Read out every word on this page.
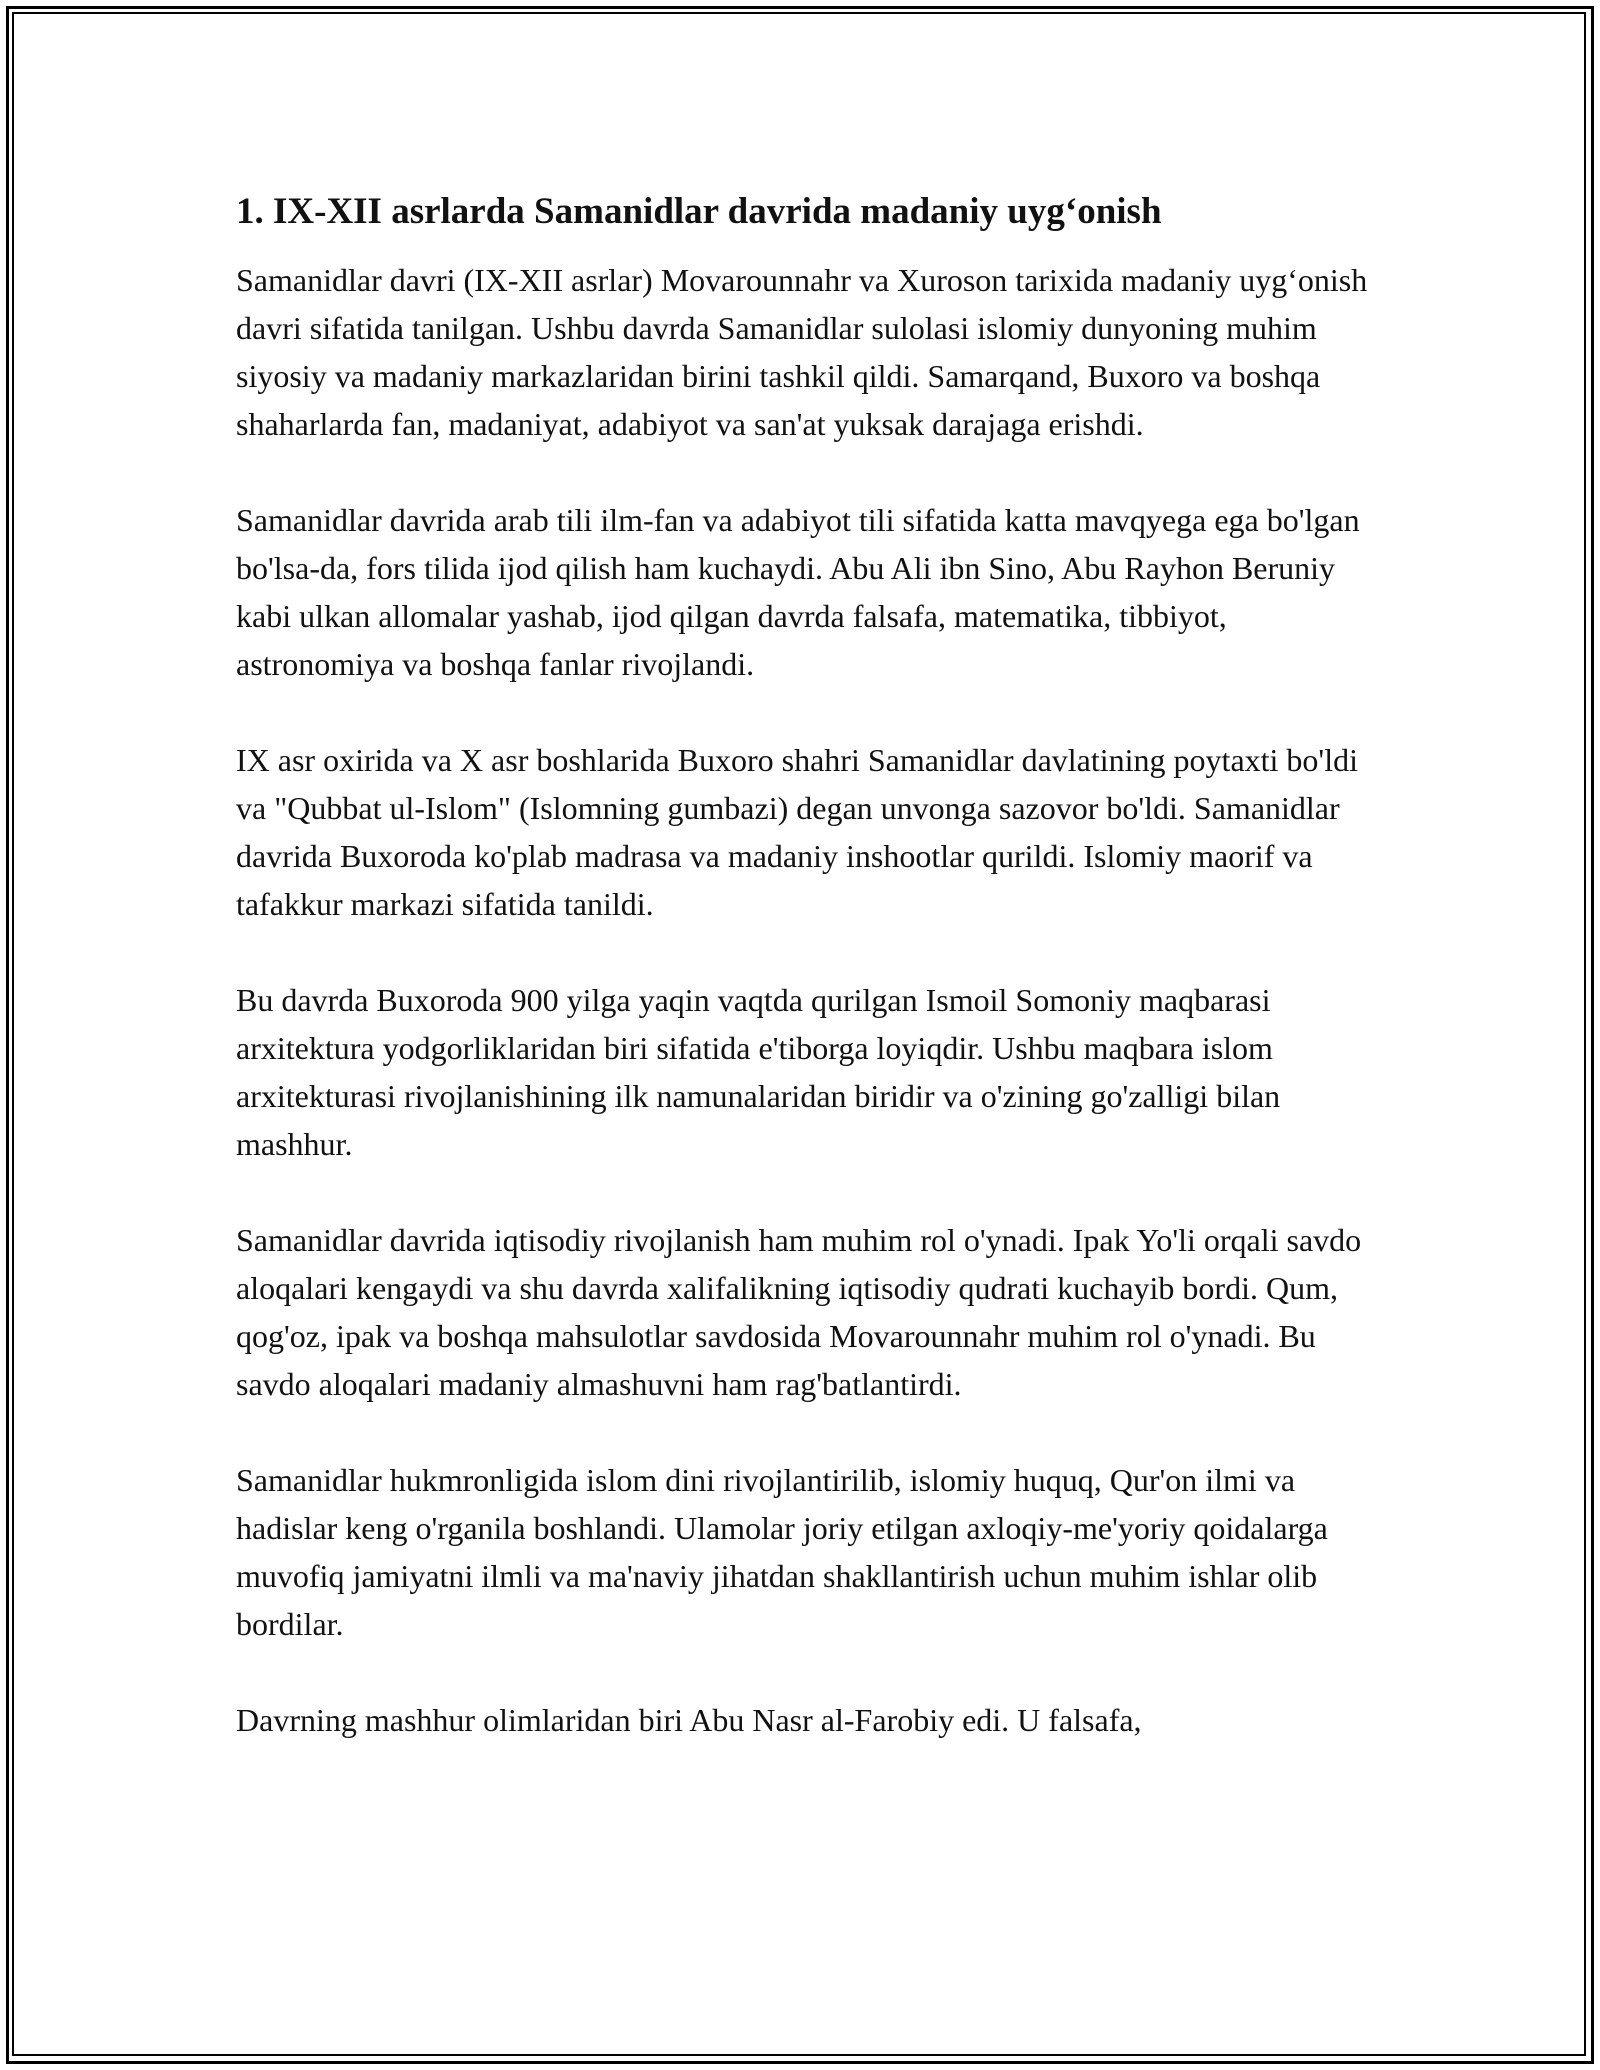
1. IX-XII asrlarda Samanidlar davrida madaniy uyg‘onish

Samanidlar davri (IX-XII asrlar) Movarounnahr va Xuroson tarixida madaniy uyg‘onish davri sifatida tanilgan. Ushbu davrda Samanidlar sulolasi islomiy dunyoning muhim siyosiy va madaniy markazlaridan birini tashkil qildi. Samarqand, Buxoro va boshqa shaharlarda fan, madaniyat, adabiyot va san'at yuksak darajaga erishdi.

Samanidlar davrida arab tili ilm-fan va adabiyot tili sifatida katta mavqyega ega bo'lgan bo'lsa-da, fors tilida ijod qilish ham kuchaydi. Abu Ali ibn Sino, Abu Rayhon Beruniy kabi ulkan allomalar yashab, ijod qilgan davrda falsafa, matematika, tibbiyot, astronomiya va boshqa fanlar rivojlandi.

IX asr oxirida va X asr boshlarida Buxoro shahri Samanidlar davlatining poytaxti bo'ldi va "Qubbat ul-Islom" (Islomning gumbazi) degan unvonga sazovor bo'ldi. Samanidlar davrida Buxoroda ko'plab madrasa va madaniy inshootlar qurildi. Islomiy maorif va tafakkur markazi sifatida tanildi.

Bu davrda Buxoroda 900 yilga yaqin vaqtda qurilgan Ismoil Somoniy maqbarasi arxitektura yodgorliklaridan biri sifatida e'tiborga loyiqdir. Ushbu maqbara islom arxitekturasi rivojlanishining ilk namunalaridan biridir va o'zining go'zalligi bilan mashhur.

Samanidlar davrida iqtisodiy rivojlanish ham muhim rol o'ynadi. Ipak Yo'li orqali savdo aloqalari kengaydi va shu davrda xalifalikning iqtisodiy qudrati kuchayib bordi. Qum, qog'oz, ipak va boshqa mahsulotlar savdosida Movarounnahr muhim rol o'ynadi. Bu savdo aloqalari madaniy almashuvni ham rag'batlantirdi.

Samanidlar hukmronligida islom dini rivojlantirilib, islomiy huquq, Qur'on ilmi va hadislar keng o'rganila boshlandi. Ulamolar joriy etilgan axloqiy-me'yoriy qoidalarga muvofiq jamiyatni ilmli va ma'naviy jihatdan shakllantirish uchun muhim ishlar olib bordilar.

Davrning mashhur olimlaridan biri Abu Nasr al-Farobiy edi. U falsafa,
